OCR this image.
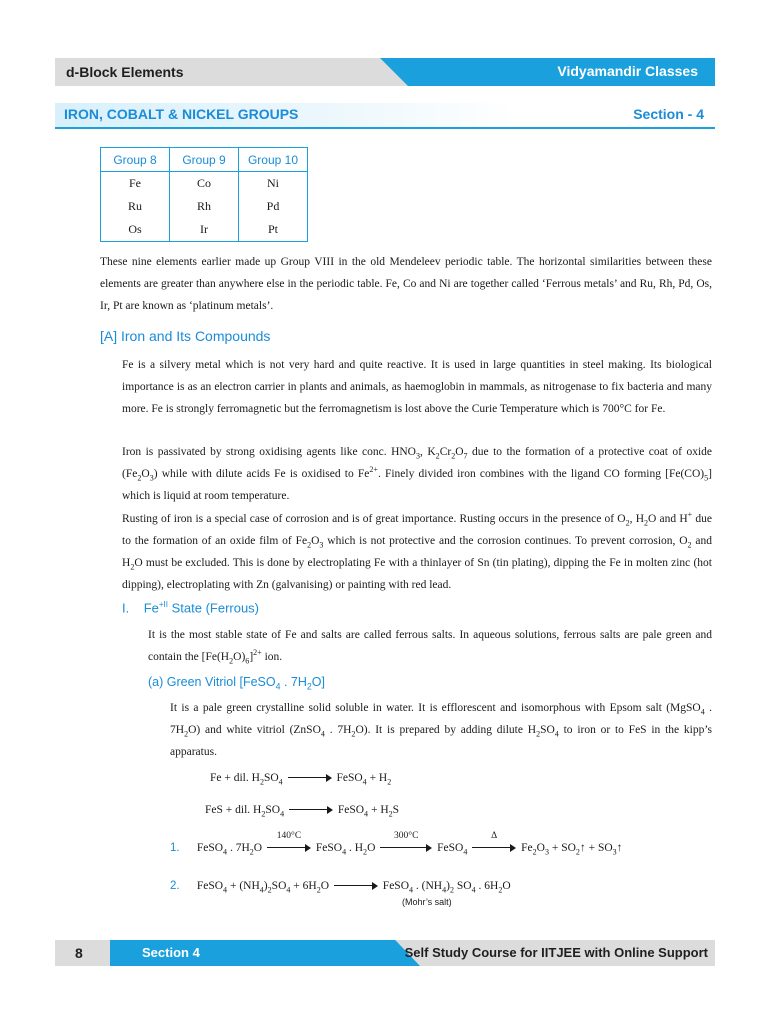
d-Block Elements	Vidyamandir Classes
IRON, COBALT & NICKEL GROUPS	Section - 4
Group 8	Group 9	Group 10
Fe	Co	Ni
Ru	Rh	Pd
Os	Ir	Pt

These nine elements earlier made up Group VIII in the old Mendeleev periodic table. The horizontal similarities between these elements are greater than anywhere else in the periodic table. Fe, Co and Ni are together called ‘Ferrous metals’ and Ru, Rh, Pd, Os, Ir, Pt are known as ‘platinum metals’.

[A] Iron and Its Compounds

Fe is a silvery metal which is not very hard and quite reactive. It is used in large quantities in steel making. Its biological importance is as an electron carrier in plants and animals, as haemoglobin in mammals, as nitrogenase to fix bacteria and many more. Fe is strongly ferromagnetic but the ferromagnetism is lost above the Curie Temperature which is 700°C for Fe.

Iron is passivated by strong oxidising agents like conc. $HNO_3$, $K_2Cr_2O_7$ due to the formation of a protective coat of oxide $(Fe_2O_3)$ while with dilute acids Fe is oxidised to $Fe^{2+}$. Finely divided iron combines with the ligand CO forming $[Fe(CO)_5]$ which is liquid at room temperature.

Rusting of iron is a special case of corrosion and is of great importance. Rusting occurs in the presence of $O_2$, $H_2O$ and H+ due to the formation of an oxide film of $Fe_2O_3$ which is not protective and the corrosion continues. To prevent corrosion, $O_2$ and $H_2O$ must be excluded. This is done by electroplating Fe with a thinlayer of Sn (tin plating), dipping the Fe in molten zinc (hot dipping), electroplating with Zn (galvanising) or painting with red lead.

I. $Fe^{+II}$ State (Ferrous)

It is the most stable state of Fe and salts are called ferrous salts. In aqueous solutions, ferrous salts are pale green and contain the $[Fe(H_2O)_6]^{2+}$ ion.

(a) Green Vitriol [FeSO$_4$ . $7H_2O$]

It is a pale green crystalline solid soluble in water. It is efflorescent and isomorphous with Epsom salt (MgSO$_4$ . $7H_2O$) and white vitriol (ZnSO$_4$ . $7H_2O$). It is prepared by adding dilute $H_2SO_4$ to iron or to FeS in the kipp’s apparatus.

Fe + dil. $H_2SO_4$	FeSO$_4$ + $H_2$
FeS + dil. $H_2SO_4$	FeSO$_4$ + $H_2S$
1. FeSO$_4$ . $7H_2O$
140°C
FeSO$_4$ . $H_2O$
300°C
FeSO$_4$
Δ
$Fe_2O_3$ + $SO_2↑$ + $SO_3↑$
2. FeSO$_4$ + $(NH_4)_2SO_4 + 6H_2O$	FeSO$_4$ . $(NH_4)_2$ $SO_4$ . $6H_2O$
(Mohr’s salt)
8	Section 4	Self Study Course for IITJEE with Online Support
